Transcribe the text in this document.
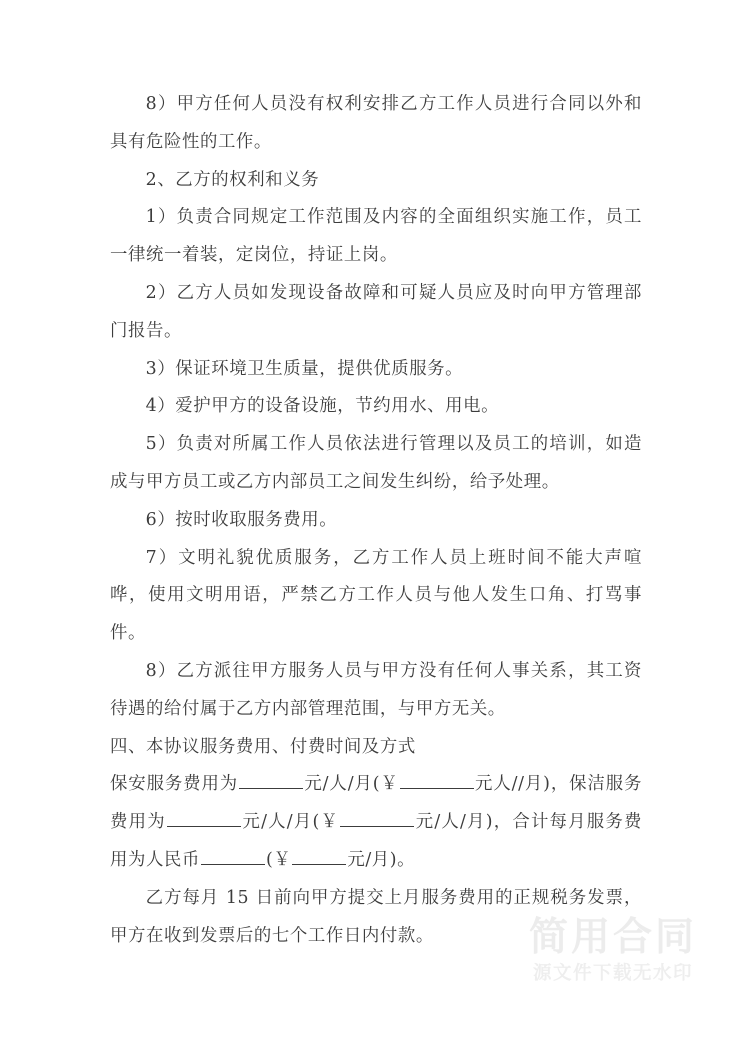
8）甲方任何人员没有权利安排乙方工作人员进行合同以外和具有危险性的工作。

2、乙方的权利和义务

1）负责合同规定工作范围及内容的全面组织实施工作，员工一律统一着装，定岗位，持证上岗。

2）乙方人员如发现设备故障和可疑人员应及时向甲方管理部门报告。

3）保证环境卫生质量，提供优质服务。

4）爱护甲方的设备设施，节约用水、用电。

5）负责对所属工作人员依法进行管理以及员工的培训，如造成与甲方员工或乙方内部员工之间发生纠纷，给予处理。

6）按时收取服务费用。

7）文明礼貌优质服务，乙方工作人员上班时间不能大声喧哗，使用文明用语，严禁乙方工作人员与他人发生口角、打骂事件。

8）乙方派往甲方服务人员与甲方没有任何人事关系，其工资待遇的给付属于乙方内部管理范围，与甲方无关。

四、本协议服务费用、付费时间及方式

保安服务费用为	元/人/月(￥	元人//月)，保洁服务费用为	元/人/月(￥	元/人/月)，合计每月服务费用为人民币	(￥	元/月)。

乙方每月 15 日前向甲方提交上月服务费用的正规税务发票，甲方在收到发票后的七个工作日内付款。	简用合同
源文件下载无水印
